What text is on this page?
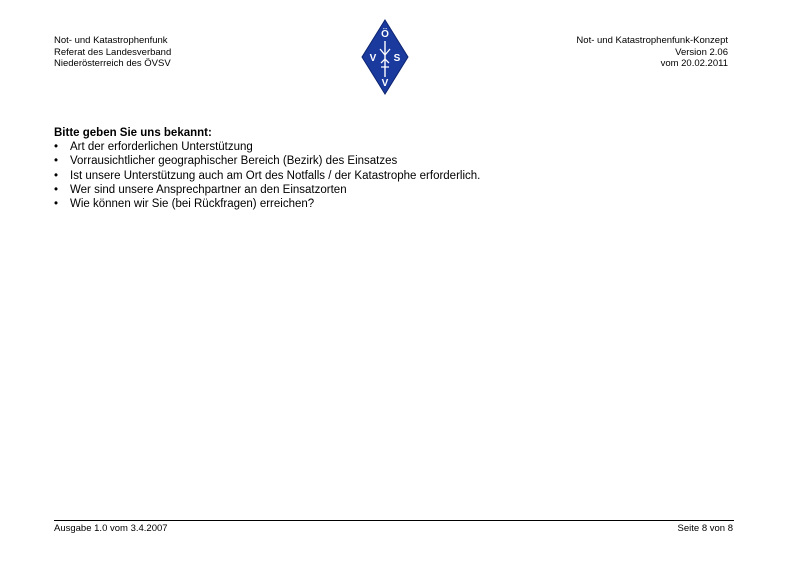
Not- und Katastrophenfunk
Referat des Landesverband
Niederösterreich des ÖVSV
Ö
V S
V
Not- und Katastrophenfunk-Konzept
Version 2.06
vom 20.02.2011
Bitte geben Sie uns bekannt:
• Art der erforderlichen Unterstützung
• Vorrausichtlicher geographischer Bereich (Bezirk) des Einsatzes
• Ist unsere Unterstützung auch am Ort des Notfalls / der Katastrophe erforderlich.
• Wer sind unsere Ansprechpartner an den Einsatzorten
• Wie können wir Sie (bei Rückfragen) erreichen?
Ausgabe 1.0 vom 3.4.2007	Seite 8 von 8
